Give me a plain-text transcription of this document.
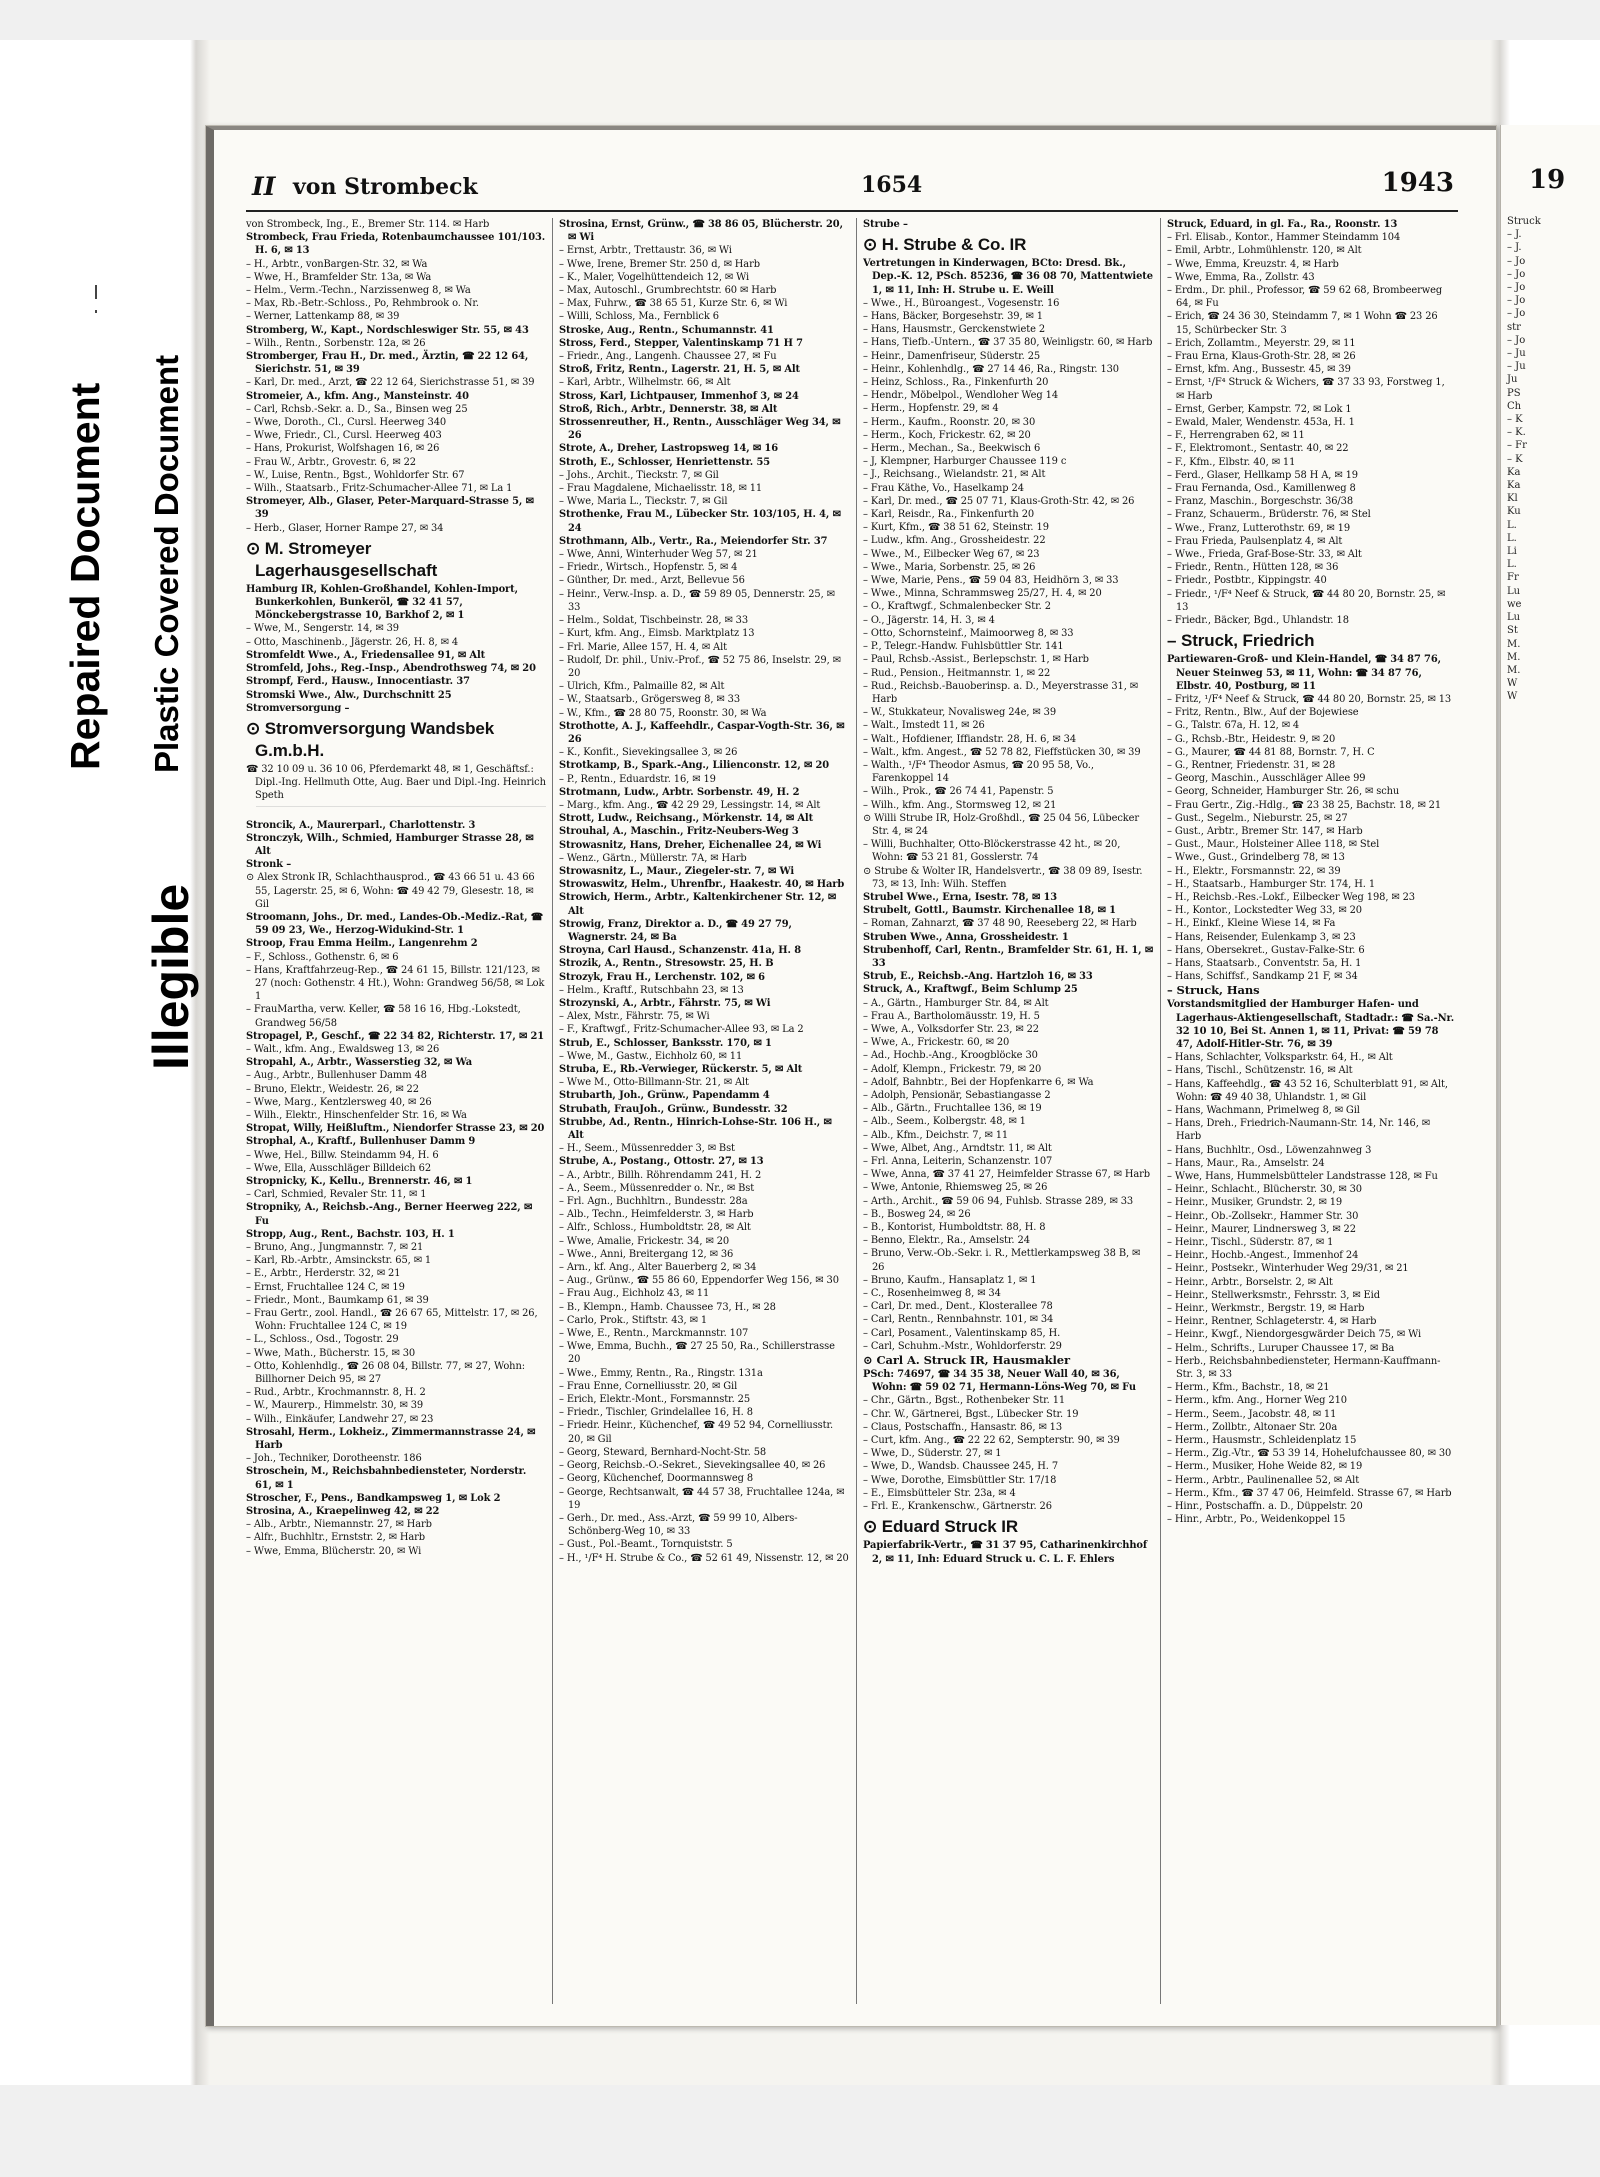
Repaired Document Plastic Covered Document
Illegible
II von Strombeck	1654	1943

von Strombeck, Ing., E., Bremer Str. 114. ✉ Harb

Strombeck, Frau Frieda, Rotenbaumchaussee 101/103. H. 6, ✉ 13

– H., Arbtr., vonBargen-Str. 32, ✉ Wa

– Wwe, H., Bramfelder Str. 13a, ✉ Wa

– Helm., Verm.-Techn., Narzissenweg 8, ✉ Wa

– Max, Rb.-Betr.-Schloss., Po, Rehmbrook o. Nr.

– Werner, Lattenkamp 88, ✉ 39

Stromberg, W., Kapt., Nordschleswiger Str. 55, ✉ 43

– Wilh., Rentn., Sorbenstr. 12a, ✉ 26

Stromberger, Frau H., Dr. med., Ärztin, ☎ 22 12 64, Sierichstr. 51, ✉ 39

– Karl, Dr. med., Arzt, ☎ 22 12 64, Sierichstrasse 51, ✉ 39

Stromeier, A., kfm. Ang., Mansteinstr. 40

– Carl, Rchsb.-Sekr. a. D., Sa., Binsen weg 25

– Wwe, Doroth., Cl., Cursl. Heerweg 340

– Wwe, Friedr., Cl., Cursl. Heerweg 403

– Hans, Prokurist, Wolfshagen 16, ✉ 26

– Frau W., Arbtr., Grovestr. 6, ✉ 22

– W., Luise, Rentn., Bgst., Wohldorfer Str. 67

– Wilh., Staatsarb., Fritz-Schumacher-Allee 71, ✉ La 1

Stromeyer, Alb., Glaser, Peter-Marquard-Strasse 5, ✉ 39

– Herb., Glaser, Horner Rampe 27, ✉ 34

⊙ M. Stromeyer Lagerhausgesellschaft

Hamburg IR, Kohlen-Großhandel, Kohlen-Import, Bunkerkohlen, Bunkeröl, ☎ 32 41 57, Mönckebergstrasse 10, Barkhof 2, ✉ 1

– Wwe, M., Sengerstr. 14, ✉ 39

– Otto, Maschinenb., Jägerstr. 26, H. 8, ✉ 4

Stromfeldt Wwe., A., Friedensallee 91, ✉ Alt

Stromfeld, Johs., Reg.-Insp., Abendrothsweg 74, ✉ 20

Strompf, Ferd., Hausw., Innocentiastr. 37

Stromski Wwe., Alw., Durchschnitt 25

Stromversorgung –

⊙ Stromversorgung Wandsbek G.m.b.H.

☎ 32 10 09 u. 36 10 06, Pferdemarkt 48, ✉ 1, Geschäftsf.: Dipl.-Ing. Hellmuth Otte, Aug. Baer und Dipl.-Ing. Heinrich Speth

Stroncik, A., Maurerparl., Charlottenstr. 3

Stronczyk, Wilh., Schmied, Hamburger Strasse 28, ✉ Alt

Stronk –

⊙ Alex Stronk IR, Schlachthausprod., ☎ 43 66 51 u. 43 66 55, Lagerstr. 25, ✉ 6, Wohn: ☎ 49 42 79, Glesestr. 18, ✉ Gil

Stroomann, Johs., Dr. med., Landes-Ob.-Mediz.-Rat, ☎ 59 09 23, We., Herzog-Widukind-Str. 1

Stroop, Frau Emma Heilm., Langenrehm 2

– F., Schloss., Gothenstr. 6, ✉ 6

– Hans, Kraftfahrzeug-Rep., ☎ 24 61 15, Billstr. 121/123, ✉ 27 (noch: Gothenstr. 4 Ht.), Wohn: Grandweg 56/58, ✉ Lok 1

– FrauMartha, verw. Keller, ☎ 58 16 16, Hbg.-Lokstedt, Grandweg 56/58

Stropagel, P., Geschf., ☎ 22 34 82, Richterstr. 17, ✉ 21

– Walt., kfm. Ang., Ewaldsweg 13, ✉ 26

Stropahl, A., Arbtr., Wasserstieg 32, ✉ Wa

– Aug., Arbtr., Bullenhuser Damm 48

– Bruno, Elektr., Weidestr. 26, ✉ 22

– Wwe, Marg., Kentzlersweg 40, ✉ 26

– Wilh., Elektr., Hinschenfelder Str. 16, ✉ Wa

Stropat, Willy, Heißluftm., Niendorfer Strasse 23, ✉ 20

Strophal, A., Kraftf., Bullenhuser Damm 9

– Wwe, Hel., Billw. Steindamm 94, H. 6

– Wwe, Ella, Ausschläger Billdeich 62

Stropnicky, K., Kellu., Brennerstr. 46, ✉ 1

– Carl, Schmied, Revaler Str. 11, ✉ 1

Stropniky, A., Reichsb.-Ang., Berner Heerweg 222, ✉ Fu

Stropp, Aug., Rent., Bachstr. 103, H. 1

– Bruno, Ang., Jungmannstr. 7, ✉ 21

– Karl, Rb.-Arbtr., Amsinckstr. 65, ✉ 1

– E., Arbtr., Herderstr. 32, ✉ 21

– Ernst, Fruchtallee 124 C, ✉ 19

– Friedr., Mont., Baumkamp 61, ✉ 39

– Frau Gertr., zool. Handl., ☎ 26 67 65, Mittelstr. 17, ✉ 26, Wohn: Fruchtallee 124 C, ✉ 19

– L., Schloss., Osd., Togostr. 29

– Wwe, Math., Bücherstr. 15, ✉ 30

– Otto, Kohlenhdlg., ☎ 26 08 04, Billstr. 77, ✉ 27, Wohn: Billhorner Deich 95, ✉ 27

– Rud., Arbtr., Krochmannstr. 8, H. 2

– W., Maurerp., Himmelstr. 30, ✉ 39

– Wilh., Einkäufer, Landwehr 27, ✉ 23

Strosahl, Herm., Lokheiz., Zimmermannstrasse 24, ✉ Harb

– Joh., Techniker, Dorotheenstr. 186

Stroschein, M., Reichsbahnbediensteter, Norderstr. 61, ✉ 1

Stroscher, F., Pens., Bandkampsweg 1, ✉ Lok 2

Strosina, A., Kraepelinweg 42, ✉ 22

– Alb., Arbtr., Niemannstr. 27, ✉ Harb

– Alfr., Buchhltr., Ernststr. 2, ✉ Harb

– Wwe, Emma, Blücherstr. 20, ✉ Wi

Strosina, Ernst, Grünw., ☎ 38 86 05, Blücherstr. 20, ✉ Wi

– Ernst, Arbtr., Trettaustr. 36, ✉ Wi

– Wwe, Irene, Bremer Str. 250 d, ✉ Harb

– K., Maler, Vogelhüttendeich 12, ✉ Wi

– Max, Autoschl., Grumbrechtstr. 60 ✉ Harb

– Max, Fuhrw., ☎ 38 65 51, Kurze Str. 6, ✉ Wi

– Willi, Schloss, Ma., Fernblick 6

Stroske, Aug., Rentn., Schumannstr. 41

Stross, Ferd., Stepper, Valentinskamp 71 H 7

– Friedr., Ang., Langenh. Chaussee 27, ✉ Fu

Stroß, Fritz, Rentn., Lagerstr. 21, H. 5, ✉ Alt

– Karl, Arbtr., Wilhelmstr. 66, ✉ Alt

Stross, Karl, Lichtpauser, Immenhof 3, ✉ 24

Stroß, Rich., Arbtr., Dennerstr. 38, ✉ Alt

Strossenreuther, H., Rentn., Ausschläger Weg 34, ✉ 26

Strote, A., Dreher, Lastropsweg 14, ✉ 16

Stroth, E., Schlosser, Henriettenstr. 55

– Johs., Archit., Tieckstr. 7, ✉ Gil

– Frau Magdalene, Michaelisstr. 18, ✉ 11

– Wwe, Maria L., Tieckstr. 7, ✉ Gil

Strothenke, Frau M., Lübecker Str. 103/105, H. 4, ✉ 24

Strothmann, Alb., Vertr., Ra., Meiendorfer Str. 37

– Wwe, Anni, Winterhuder Weg 57, ✉ 21

– Friedr., Wirtsch., Hopfenstr. 5, ✉ 4

– Günther, Dr. med., Arzt, Bellevue 56

– Heinr., Verw.-Insp. a. D., ☎ 59 89 05, Dennerstr. 25, ✉ 33

– Helm., Soldat, Tischbeinstr. 28, ✉ 33

– Kurt, kfm. Ang., Eimsb. Marktplatz 13

– Frl. Marie, Allee 157, H. 4, ✉ Alt

– Rudolf, Dr. phil., Univ.-Prof., ☎ 52 75 86, Inselstr. 29, ✉ 20

– Ulrich, Kfm., Palmaille 82, ✉ Alt

– W., Staatsarb., Grögersweg 8, ✉ 33

– W., Kfm., ☎ 28 80 75, Roonstr. 30, ✉ Wa

Strothotte, A. J., Kaffeehdlr., Caspar-Vogth-Str. 36, ✉ 26

– K., Konfit., Sievekingsallee 3, ✉ 26

Strotkamp, B., Spark.-Ang., Lilienconstr. 12, ✉ 20

– P., Rentn., Eduardstr. 16, ✉ 19

Strotmann, Ludw., Arbtr. Sorbenstr. 49, H. 2

– Marg., kfm. Ang., ☎ 42 29 29, Lessingstr. 14, ✉ Alt

Strott, Ludw., Reichsang., Mörkenstr. 14, ✉ Alt

Strouhal, A., Maschin., Fritz-Neubers-Weg 3

Strowasnitz, Hans, Dreher, Eichenallee 24, ✉ Wi

– Wenz., Gärtn., Müllerstr. 7A, ✉ Harb

Strowasnitz, L., Maur., Ziegeler-str. 7, ✉ Wi

Strowaswitz, Helm., Uhrenfbr., Haakestr. 40, ✉ Harb

Strowich, Herm., Arbtr., Kaltenkirchener Str. 12, ✉ Alt

Strowig, Franz, Direktor a. D., ☎ 49 27 79, Wagnerstr. 24, ✉ Ba

Stroyna, Carl Hausd., Schanzenstr. 41a, H. 8

Strozik, A., Rentn., Stresowstr. 25, H. B

Strozyk, Frau H., Lerchenstr. 102, ✉ 6

– Helm., Kraftf., Rutschbahn 23, ✉ 13

Strozynski, A., Arbtr., Fährstr. 75, ✉ Wi

– Alex, Mstr., Fährstr. 75, ✉ Wi

– F., Kraftwgf., Fritz-Schumacher-Allee 93, ✉ La 2

Strub, E., Schlosser, Banksstr. 170, ✉ 1

– Wwe, M., Gastw., Eichholz 60, ✉ 11

Struba, E., Rb.-Verwieger, Rückerstr. 5, ✉ Alt

– Wwe M., Otto-Billmann-Str. 21, ✉ Alt

Strubarth, Joh., Grünw., Papendamm 4

Strubath, FrauJoh., Grünw., Bundesstr. 32

Strubbe, Ad., Rentn., Hinrich-Lohse-Str. 106 H., ✉ Alt

– H., Seem., Müssenredder 3, ✉ Bst

Strube, A., Postang., Ottostr. 27, ✉ 13

– A., Arbtr., Billh. Röhrendamm 241, H. 2

– A., Seem., Müssenredder o. Nr., ✉ Bst

– Frl. Agn., Buchhltrn., Bundesstr. 28a

– Alb., Techn., Heimfelderstr. 3, ✉ Harb

– Alfr., Schloss., Humboldtstr. 28, ✉ Alt

– Wwe, Amalie, Frickestr. 34, ✉ 20

– Wwe., Anni, Breitergang 12, ✉ 36

– Arn., kf. Ang., Alter Bauerberg 2, ✉ 34

– Aug., Grünw., ☎ 55 86 60, Eppendorfer Weg 156, ✉ 30

– Frau Aug., Eichholz 43, ✉ 11

– B., Klempn., Hamb. Chaussee 73, H., ✉ 28

– Carlo, Prok., Stiftstr. 43, ✉ 1

– Wwe, E., Rentn., Marckmannstr. 107

– Wwe, Emma, Buchh., ☎ 27 25 50, Ra., Schillerstrasse 20

– Wwe., Emmy, Rentn., Ra., Ringstr. 131a

– Frau Enne, Cornelliusstr. 20, ✉ Gil

– Erich, Elektr.-Mont., Forsmannstr. 25

– Friedr., Tischler, Grindelallee 16, H. 8

– Friedr. Heinr., Küchenchef, ☎ 49 52 94, Cornelliusstr. 20, ✉ Gil

– Georg, Steward, Bernhard-Nocht-Str. 58

– Georg, Reichsb.-O.-Sekret., Sievekingsallee 40, ✉ 26

– Georg, Küchenchef, Doormannsweg 8

– George, Rechtsanwalt, ☎ 44 57 38, Fruchtallee 124a, ✉ 19

– Gerh., Dr. med., Ass.-Arzt, ☎ 59 99 10, Albers-Schönberg-Weg 10, ✉ 33

– Gust., Pol.-Beamt., Tornquiststr. 5

– H., ¹/F⁴ H. Strube & Co., ☎ 52 61 49, Nissenstr. 12, ✉ 20

Strube –

⊙ H. Strube & Co. IR

Vertretungen in Kinderwagen, BCto: Dresd. Bk., Dep.-K. 12, PSch. 85236, ☎ 36 08 70, Mattentwiete 1, ✉ 11, Inh: H. Strube u. E. Weill

– Wwe., H., Büroangest., Vogesenstr. 16

– Hans, Bäcker, Borgesehstr. 39, ✉ 1

– Hans, Hausmstr., Gerckenstwiete 2

– Hans, Tiefb.-Untern., ☎ 37 35 80, Weinligstr. 60, ✉ Harb

– Heinr., Damenfriseur, Süderstr. 25

– Heinr., Kohlenhdlg., ☎ 27 14 46, Ra., Ringstr. 130

– Heinz, Schloss., Ra., Finkenfurth 20

– Hendr., Möbelpol., Wendloher Weg 14

– Herm., Hopfenstr. 29, ✉ 4

– Herm., Kaufm., Roonstr. 20, ✉ 30

– Herm., Koch, Frickestr. 62, ✉ 20

– Herm., Mechan., Sa., Beekwisch 6

– J, Klempner, Harburger Chaussee 119 c

– J., Reichsang., Wielandstr. 21, ✉ Alt

– Frau Käthe, Vo., Haselkamp 24

– Karl, Dr. med., ☎ 25 07 71, Klaus-Groth-Str. 42, ✉ 26

– Karl, Reisdr., Ra., Finkenfurth 20

– Kurt, Kfm., ☎ 38 51 62, Steinstr. 19

– Ludw., kfm. Ang., Grossheidestr. 22

– Wwe., M., Eilbecker Weg 67, ✉ 23

– Wwe., Maria, Sorbenstr. 25, ✉ 26

– Wwe, Marie, Pens., ☎ 59 04 83, Heidhörn 3, ✉ 33

– Wwe., Minna, Schrammsweg 25/27, H. 4, ✉ 20

– O., Kraftwgf., Schmalenbecker Str. 2

– O., Jägerstr. 14, H. 3, ✉ 4

– Otto, Schornsteinf., Maimoorweg 8, ✉ 33

– P., Telegr.-Handw. Fuhlsbüttler Str. 141

– Paul, Rchsb.-Assist., Berlepschstr. 1, ✉ Harb

– Rud., Pension., Heitmannstr. 1, ✉ 22

– Rud., Reichsb.-Bauoberinsp. a. D., Meyerstrasse 31, ✉ Harb

– W., Stukkateur, Novalisweg 24e, ✉ 39

– Walt., Imstedt 11, ✉ 26

– Walt., Hofdiener, Iffiandstr. 28, H. 6, ✉ 34

– Walt., kfm. Angest., ☎ 52 78 82, Fieffstücken 30, ✉ 39

– Walth., ¹/F⁴ Theodor Asmus, ☎ 20 95 58, Vo., Farenkoppel 14

– Wilh., Prok., ☎ 26 74 41, Papenstr. 5

– Wilh., kfm. Ang., Stormsweg 12, ✉ 21

⊙ Willi Strube IR, Holz-Großhdl., ☎ 25 04 56, Lübecker Str. 4, ✉ 24

– Willi, Buchhalter, Otto-Blöckerstrasse 42 ht., ✉ 20, Wohn: ☎ 53 21 81, Gosslerstr. 74

⊙ Strube & Wolter IR, Handelsvertr., ☎ 38 09 89, Isestr. 73, ✉ 13, Inh: Wilh. Steffen

Strubel Wwe., Erna, Isestr. 78, ✉ 13

Strubelt, Gottl., Baumstr. Kirchenallee 18, ✉ 1

– Roman, Zahnarzt, ☎ 37 48 90, Reeseberg 22, ✉ Harb

Struben Wwe., Anna, Grossheidestr. 1

Strubenhoff, Carl, Rentn., Bramfelder Str. 61, H. 1, ✉ 33

Strub, E., Reichsb.-Ang. Hartzloh 16, ✉ 33

Struck, A., Kraftwgf., Beim Schlump 25

– A., Gärtn., Hamburger Str. 84, ✉ Alt

– Frau A., Bartholomäusstr. 19, H. 5

– Wwe, A., Volksdorfer Str. 23, ✉ 22

– Wwe, A., Frickestr. 60, ✉ 20

– Ad., Hochb.-Ang., Kroogblöcke 30

– Adolf, Klempn., Frickestr. 79, ✉ 20

– Adolf, Bahnbtr., Bei der Hopfenkarre 6, ✉ Wa

– Adolph, Pensionär, Sebastiangasse 2

– Alb., Gärtn., Fruchtallee 136, ✉ 19

– Alb., Seem., Kolbergstr. 48, ✉ 1

– Alb., Kfm., Deichstr. 7, ✉ 11

– Wwe, Albet, Ang., Arndtstr. 11, ✉ Alt

– Frl. Anna, Leiterin, Schanzenstr. 107

– Wwe, Anna, ☎ 37 41 27, Heimfelder Strasse 67, ✉ Harb

– Wwe, Antonie, Rhiemsweg 25, ✉ 26

– Arth., Archit., ☎ 59 06 94, Fuhlsb. Strasse 289, ✉ 33

– B., Bosweg 24, ✉ 26

– B., Kontorist, Humboldtstr. 88, H. 8

– Benno, Elektr., Ra., Amselstr. 24

– Bruno, Verw.-Ob.-Sekr. i. R., Mettlerkampsweg 38 B, ✉ 26

– Bruno, Kaufm., Hansaplatz 1, ✉ 1

– C., Rosenheimweg 8, ✉ 34

– Carl, Dr. med., Dent., Klosterallee 78

– Carl, Rentn., Rennbahnstr. 101, ✉ 34

– Carl, Posament., Valentinskamp 85, H.

– Carl, Schuhm.-Mstr., Wohldorferstr. 29

⊙ Carl A. Struck IR, Hausmakler

PSch: 74697, ☎ 34 35 38, Neuer Wall 40, ✉ 36, Wohn: ☎ 59 02 71, Hermann-Löns-Weg 70, ✉ Fu

– Chr., Gärtn., Bgst., Rothenbeker Str. 11

– Chr. W., Gärtnerei, Bgst., Lübecker Str. 19

– Claus, Postschaffn., Hansastr. 86, ✉ 13

– Curt, kfm. Ang., ☎ 22 22 62, Sempterstr. 90, ✉ 39

– Wwe, D., Süderstr. 27, ✉ 1

– Wwe, D., Wandsb. Chaussee 245, H. 7

– Wwe, Dorothe, Eimsbüttler Str. 17/18

– E., Eimsbütteler Str. 23a, ✉ 4

– Frl. E., Krankenschw., Gärtnerstr. 26

⊙ Eduard Struck IR

Papierfabrik-Vertr., ☎ 31 37 95, Catharinenkirchhof 2, ✉ 11, Inh: Eduard Struck u. C. L. F. Ehlers

Struck, Eduard, in gl. Fa., Ra., Roonstr. 13

– Frl. Elisab., Kontor., Hammer Steindamm 104

– Emil, Arbtr., Lohmühlenstr. 120, ✉ Alt

– Wwe, Emma, Kreuzstr. 4, ✉ Harb

– Wwe, Emma, Ra., Zollstr. 43

– Erdm., Dr. phil., Professor, ☎ 59 62 68, Brombeerweg 64, ✉ Fu

– Erich, ☎ 24 36 30, Steindamm 7, ✉ 1 Wohn ☎ 23 26 15, Schürbecker Str. 3

– Erich, Zollamtm., Meyerstr. 29, ✉ 11

– Frau Erna, Klaus-Groth-Str. 28, ✉ 26

– Ernst, kfm. Ang., Bussestr. 45, ✉ 39

– Ernst, ¹/F⁴ Struck & Wichers, ☎ 37 33 93, Forstweg 1, ✉ Harb

– Ernst, Gerber, Kampstr. 72, ✉ Lok 1

– Ewald, Maler, Wendenstr. 453a, H. 1

– F., Herrengraben 62, ✉ 11

– F., Elektromont., Sentastr. 40, ✉ 22

– F., Kfm., Elbstr. 40, ✉ 11

– Ferd., Glaser, Hellkamp 58 H A, ✉ 19

– Frau Fernanda, Osd., Kamillenweg 8

– Franz, Maschin., Borgeschstr. 36/38

– Franz, Schauerm., Brüderstr. 76, ✉ Stel

– Wwe., Franz, Lutterothstr. 69, ✉ 19

– Frau Frieda, Paulsenplatz 4, ✉ Alt

– Wwe., Frieda, Graf-Bose-Str. 33, ✉ Alt

– Friedr., Rentn., Hütten 128, ✉ 36

– Friedr., Postbtr., Kippingstr. 40

– Friedr., ¹/F⁴ Neef & Struck, ☎ 44 80 20, Bornstr. 25, ✉ 13

– Friedr., Bäcker, Bgd., Uhlandstr. 18

– Struck, Friedrich

Partiewaren-Groß- und Klein-Handel, ☎ 34 87 76, Neuer Steinweg 53, ✉ 11, Wohn: ☎ 34 87 76, Elbstr. 40, Postburg, ✉ 11

– Fritz, ¹/F⁴ Neef & Struck, ☎ 44 80 20, Bornstr. 25, ✉ 13

– Fritz, Rentn., Blw., Auf der Bojewiese

– G., Talstr. 67a, H. 12, ✉ 4

– G., Rchsb.-Btr., Heidestr. 9, ✉ 20

– G., Maurer, ☎ 44 81 88, Bornstr. 7, H. C

– G., Rentner, Friedenstr. 31, ✉ 28

– Georg, Maschin., Ausschläger Allee 99

– Georg, Schneider, Hamburger Str. 26, ✉ schu

– Frau Gertr., Zig.-Hdlg., ☎ 23 38 25, Bachstr. 18, ✉ 21

– Gust., Segelm., Nieburstr. 25, ✉ 27

– Gust., Arbtr., Bremer Str. 147, ✉ Harb

– Gust., Maur., Holsteiner Allee 118, ✉ Stel

– Wwe., Gust., Grindelberg 78, ✉ 13

– H., Elektr., Forsmannstr. 22, ✉ 39

– H., Staatsarb., Hamburger Str. 174, H. 1

– H., Reichsb.-Res.-Lokf., Eilbecker Weg 198, ✉ 23

– H., Kontor., Lockstedter Weg 33, ✉ 20

– H., Einkf., Kleine Wiese 14, ✉ Fa

– Hans, Reisender, Eulenkamp 3, ✉ 23

– Hans, Obersekret., Gustav-Falke-Str. 6

– Hans, Staatsarb., Conventstr. 5a, H. 1

– Hans, Schiffsf., Sandkamp 21 F, ✉ 34

– Struck, Hans

Vorstandsmitglied der Hamburger Hafen- und Lagerhaus-Aktiengesellschaft, Stadtadr.: ☎ Sa.-Nr. 32 10 10, Bei St. Annen 1, ✉ 11, Privat: ☎ 59 78 47, Adolf-Hitler-Str. 76, ✉ 39

– Hans, Schlachter, Volksparkstr. 64, H., ✉ Alt

– Hans, Tischl., Schützenstr. 16, ✉ Alt

– Hans, Kaffeehdlg., ☎ 43 52 16, Schulterblatt 91, ✉ Alt, Wohn: ☎ 49 40 38, Uhlandstr. 1, ✉ Gil

– Hans, Wachmann, Primelweg 8, ✉ Gil

– Hans, Dreh., Friedrich-Naumann-Str. 14, Nr. 146, ✉ Harb

– Hans, Buchhltr., Osd., Löwenzahnweg 3

– Hans, Maur., Ra., Amselstr. 24

– Wwe, Hans, Hummelsbütteler Landstrasse 128, ✉ Fu

– Heinr., Schlacht., Blücherstr. 30, ✉ 30

– Heinr., Musiker, Grundstr. 2, ✉ 19

– Heinr., Ob.-Zollsekr., Hammer Str. 30

– Heinr., Maurer, Lindnersweg 3, ✉ 22

– Heinr., Tischl., Süderstr. 87, ✉ 1

– Heinr., Hochb.-Angest., Immenhof 24

– Heinr., Postsekr., Winterhuder Weg 29/31, ✉ 21

– Heinr., Arbtr., Borselstr. 2, ✉ Alt

– Heinr., Stellwerksmstr., Fehrsstr. 3, ✉ Eid

– Heinr., Werkmstr., Bergstr. 19, ✉ Harb

– Heinr., Rentner, Schlageterstr. 4, ✉ Harb

– Heinr., Kwgf., Niendorgesgwärder Deich 75, ✉ Wi

– Helm., Schrifts., Luruper Chaussee 17, ✉ Ba

– Herb., Reichsbahnbediensteter, Hermann-Kauffmann-Str. 3, ✉ 33

– Herm., Kfm., Bachstr., 18, ✉ 21

– Herm., kfm. Ang., Horner Weg 210

– Herm., Seem., Jacobstr. 48, ✉ 11

– Herm., Zollbtr., Altonaer Str. 20a

– Herm., Hausmstr., Schleidenplatz 15

– Herm., Zig.-Vtr., ☎ 53 39 14, Hohelufchaussee 80, ✉ 30

– Herm., Musiker, Hohe Weide 82, ✉ 19

– Herm., Arbtr., Paulinenallee 52, ✉ Alt

– Herm., Kfm., ☎ 37 47 06, Heimfeld. Strasse 67, ✉ Harb

– Hinr., Postschaffn. a. D., Düppelstr. 20

– Hinr., Arbtr., Po., Weidenkoppel 15

19
Struck
– J.
– J.
– Jo
– Jo
– Jo
– Jo
– Jo
str
– Jo
– Ju
– Ju
Ju
PS
Ch
– K
– K.
– Fr
– K
Ka
Ka
Kl
Ku
L.
L.
Li
L.
Fr
Lu
we
Lu
St
M.
M.
M.
W
W
